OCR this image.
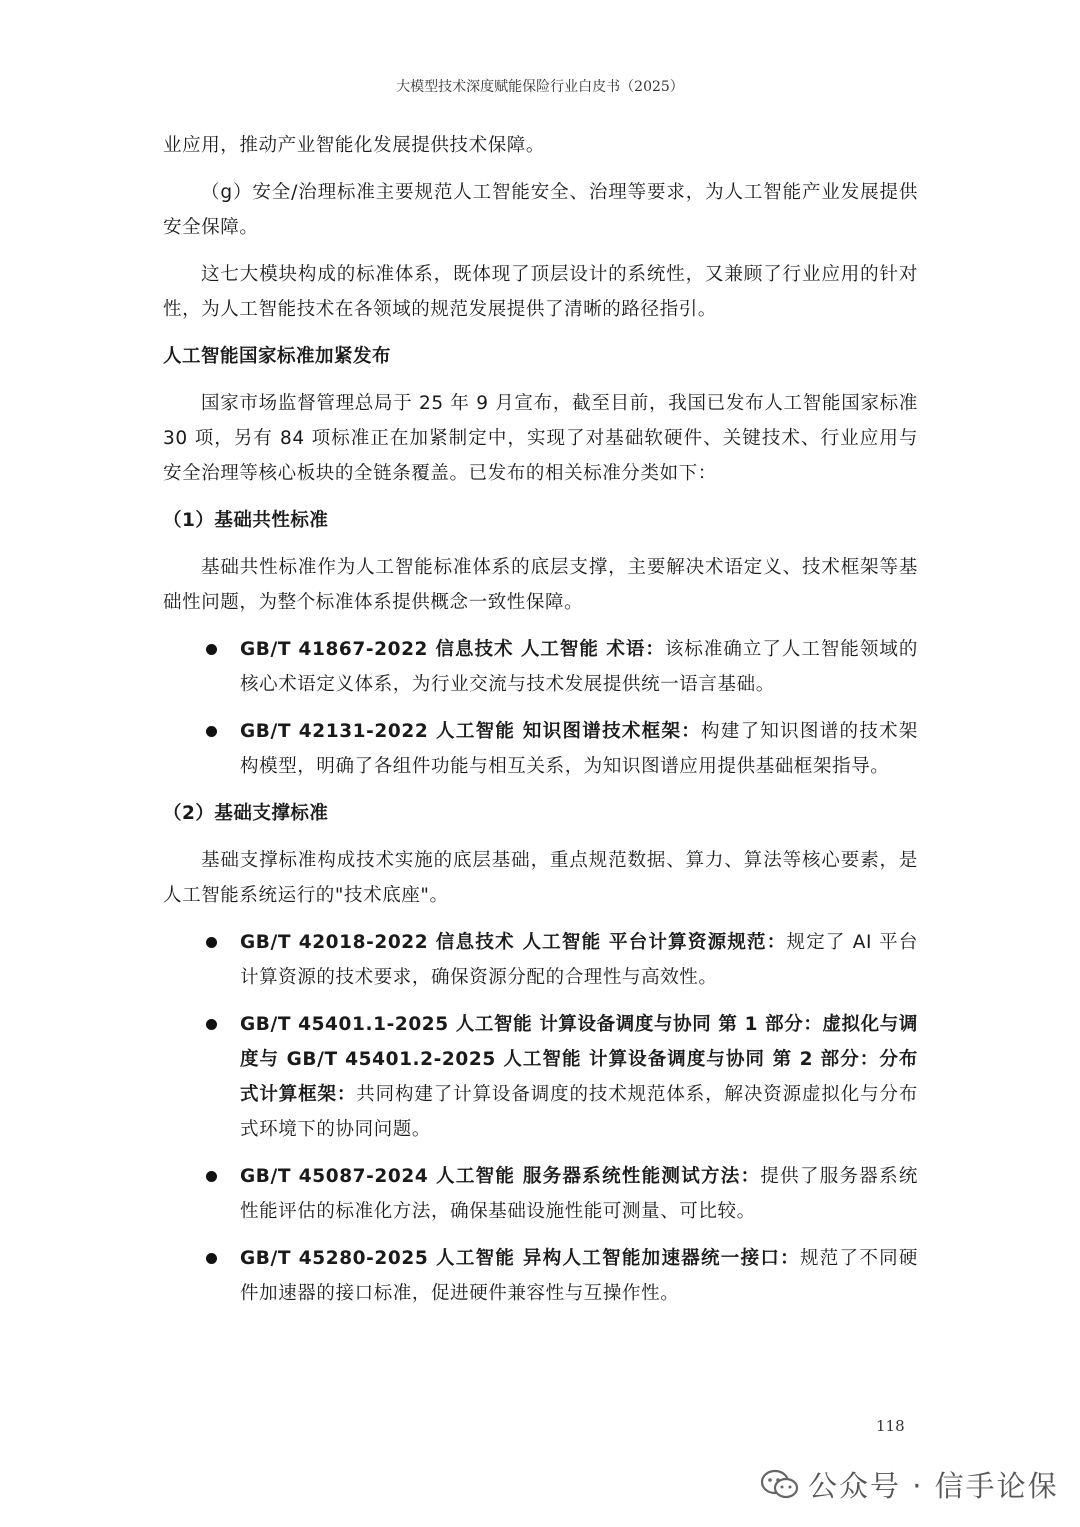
大模型技术深度赋能保险行业白皮书（2025）

业应用，推动产业智能化发展提供技术保障。

（g）安全/治理标准主要规范人工智能安全、治理等要求，为人工智能产业发展提供安全保障。

这七大模块构成的标准体系，既体现了顶层设计的系统性，又兼顾了行业应用的针对性，为人工智能技术在各领域的规范发展提供了清晰的路径指引。

人工智能国家标准加紧发布

国家市场监督管理总局于 25 年 9 月宣布，截至目前，我国已发布人工智能国家标准 30 项，另有 84 项标准正在加紧制定中，实现了对基础软硬件、关键技术、行业应用与安全治理等核心板块的全链条覆盖。已发布的相关标准分类如下：

（1）基础共性标准

基础共性标准作为人工智能标准体系的底层支撑，主要解决术语定义、技术框架等基础性问题，为整个标准体系提供概念一致性保障。

GB/T 41867-2022 信息技术 人工智能 术语：该标准确立了人工智能领域的核心术语定义体系，为行业交流与技术发展提供统一语言基础。
GB/T 42131-2022 人工智能 知识图谱技术框架：构建了知识图谱的技术架构模型，明确了各组件功能与相互关系，为知识图谱应用提供基础框架指导。
（2）基础支撑标准

基础支撑标准构成技术实施的底层基础，重点规范数据、算力、算法等核心要素，是人工智能系统运行的"技术底座"。

GB/T 42018-2022 信息技术 人工智能 平台计算资源规范：规定了 AI 平台计算资源的技术要求，确保资源分配的合理性与高效性。
GB/T 45401.1-2025 人工智能 计算设备调度与协同 第 1 部分：虚拟化与调度与 GB/T 45401.2-2025 人工智能 计算设备调度与协同 第 2 部分：分布式计算框架：共同构建了计算设备调度的技术规范体系，解决资源虚拟化与分布式环境下的协同问题。
GB/T 45087-2024 人工智能 服务器系统性能测试方法：提供了服务器系统性能评估的标准化方法，确保基础设施性能可测量、可比较。
GB/T 45280-2025 人工智能 异构人工智能加速器统一接口：规范了不同硬件加速器的接口标准，促进硬件兼容性与互操作性。
118
公众号 · 信手论保
